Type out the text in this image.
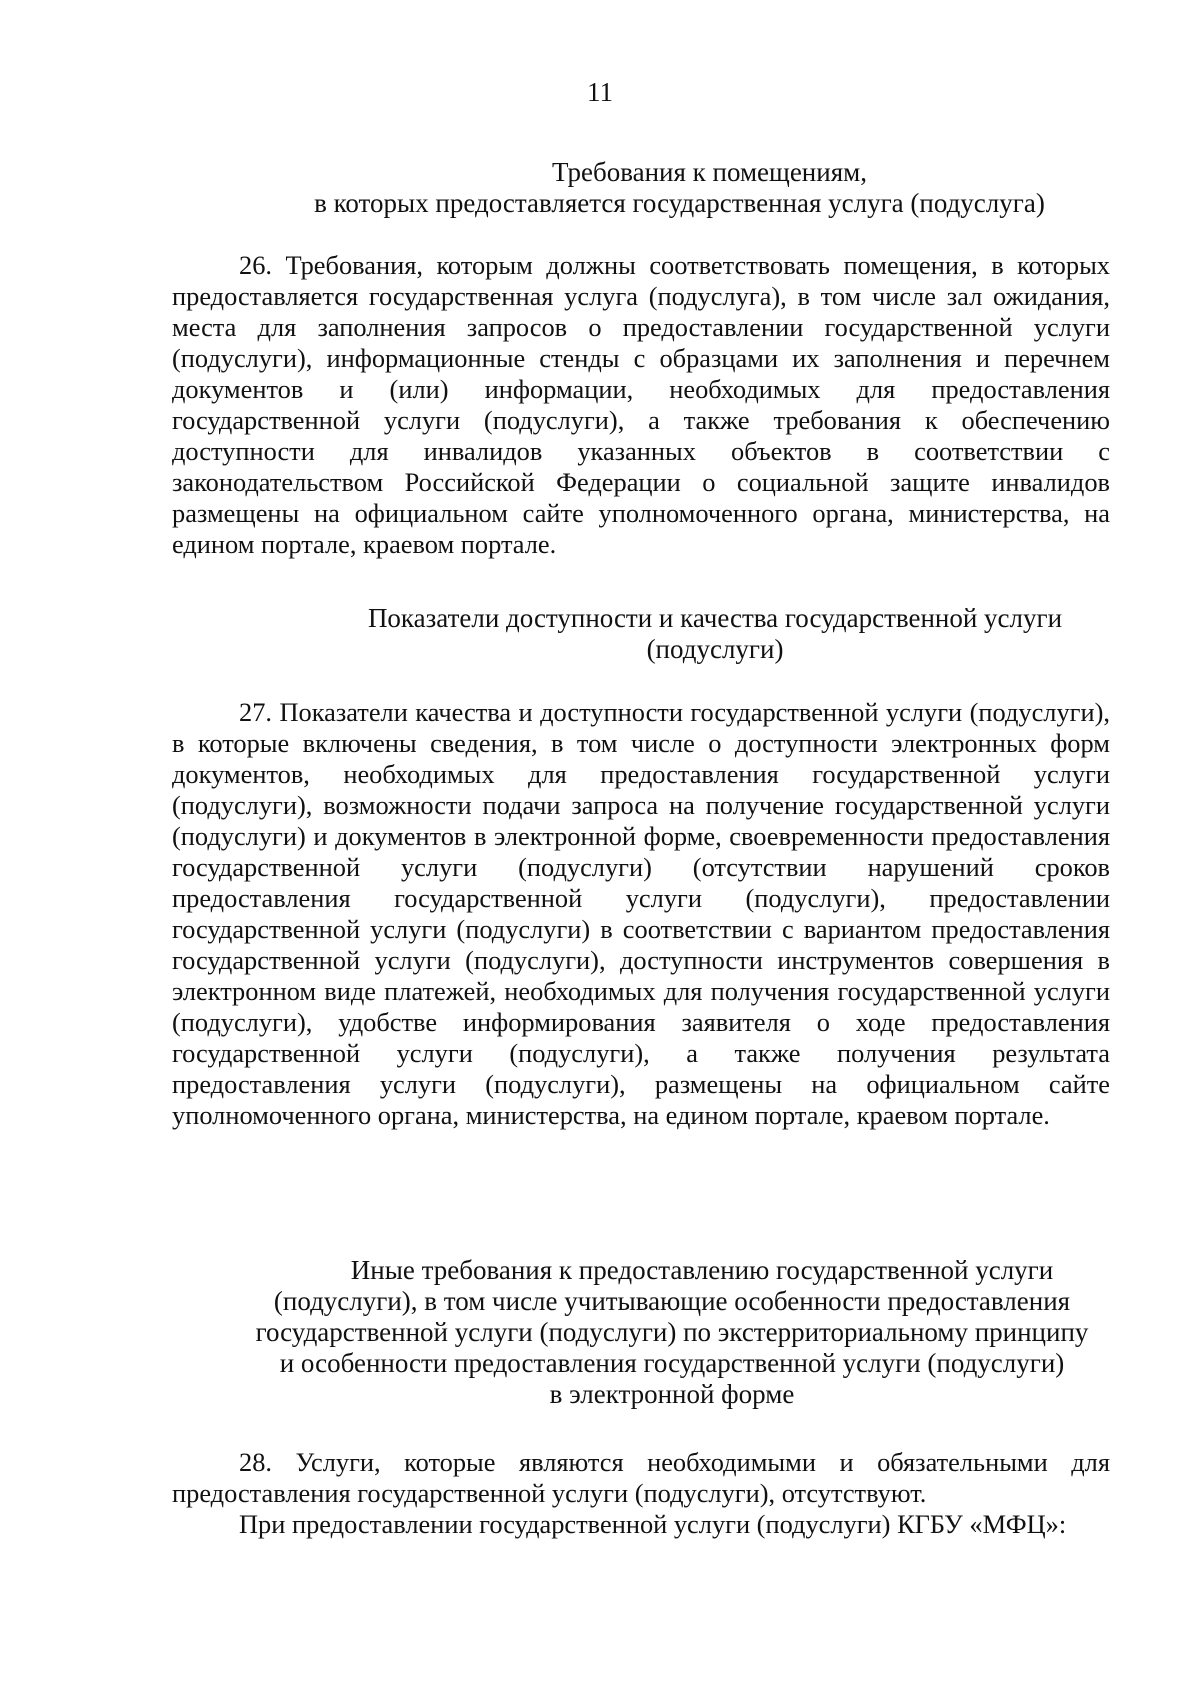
11
Требования к помещениям,
в которых предоставляется государственная услуга (подуслуга)

26. Требования, которым должны соответствовать помещения, в которых предоставляется государственная услуга (подуслуга), в том числе зал ожидания, места для заполнения запросов о предоставлении государственной услуги (подуслуги), информационные стенды с образцами их заполнения и перечнем документов и (или) информации, необходимых для предоставления государственной услуги (подуслуги), а также требования к обеспечению доступности для инвалидов указанных объектов в соответствии с законодательством Российской Федерации о социальной защите инвалидов размещены на официальном сайте уполномоченного органа, министерства, на едином портале, краевом портале.

Показатели доступности и качества государственной услуги
(подуслуги)

27. Показатели качества и доступности государственной услуги (подуслуги), в которые включены сведения, в том числе о доступности электронных форм документов, необходимых для предоставления государственной услуги (подуслуги), возможности подачи запроса на получение государственной услуги (подуслуги) и документов в электронной форме, своевременности предоставления государственной услуги (подуслуги) (отсутствии нарушений сроков предоставления государственной услуги (подуслуги), предоставлении государственной услуги (подуслуги) в соответствии с вариантом предоставления государственной услуги (подуслуги), доступности инструментов совершения в электронном виде платежей, необходимых для получения государственной услуги (подуслуги), удобстве информирования заявителя о ходе предоставления государственной услуги (подуслуги), а также получения результата предоставления услуги (подуслуги), размещены на официальном сайте уполномоченного органа, министерства, на едином портале, краевом портале.

Иные требования к предоставлению государственной услуги
(подуслуги), в том числе учитывающие особенности предоставления
государственной услуги (подуслуги) по экстерриториальному принципу
и особенности предоставления государственной услуги (подуслуги)
в электронной форме

28. Услуги, которые являются необходимыми и обязательными для предоставления государственной услуги (подуслуги), отсутствуют.

При предоставлении государственной услуги (подуслуги) КГБУ «МФЦ»:
